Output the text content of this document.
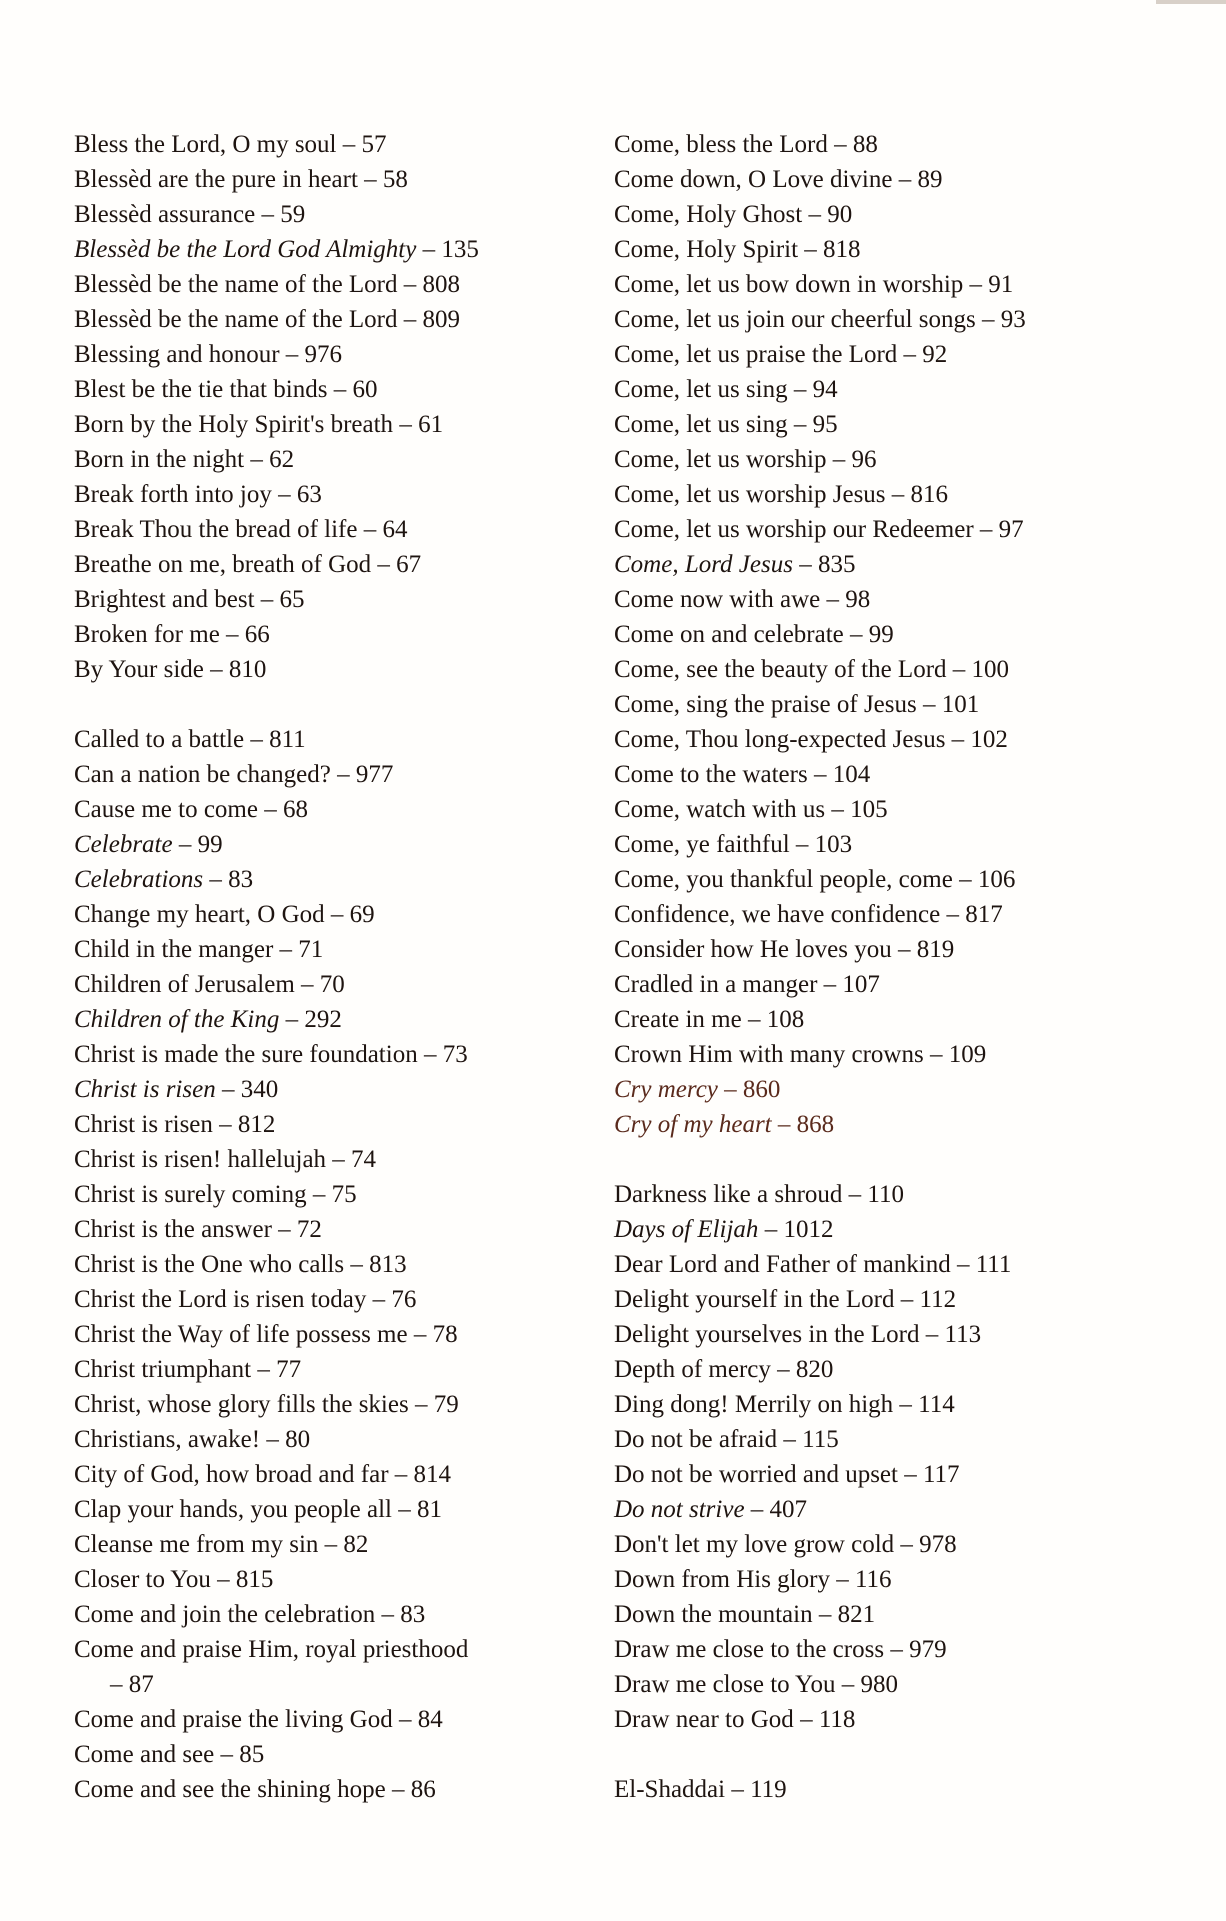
Bless the Lord, O my soul – 57
Blessèd are the pure in heart – 58
Blessèd assurance – 59
Blessèd be the Lord God Almighty – 135
Blessèd be the name of the Lord – 808
Blessèd be the name of the Lord – 809
Blessing and honour – 976
Blest be the tie that binds – 60
Born by the Holy Spirit's breath – 61
Born in the night – 62
Break forth into joy – 63
Break Thou the bread of life – 64
Breathe on me, breath of God – 67
Brightest and best – 65
Broken for me – 66
By Your side – 810
Called to a battle – 811
Can a nation be changed? – 977
Cause me to come – 68
Celebrate – 99
Celebrations – 83
Change my heart, O God – 69
Child in the manger – 71
Children of Jerusalem – 70
Children of the King – 292
Christ is made the sure foundation – 73
Christ is risen – 340
Christ is risen – 812
Christ is risen! hallelujah – 74
Christ is surely coming – 75
Christ is the answer – 72
Christ is the One who calls – 813
Christ the Lord is risen today – 76
Christ the Way of life possess me – 78
Christ triumphant – 77
Christ, whose glory fills the skies – 79
Christians, awake! – 80
City of God, how broad and far – 814
Clap your hands, you people all – 81
Cleanse me from my sin – 82
Closer to You – 815
Come and join the celebration – 83
Come and praise Him, royal priesthood
– 87
Come and praise the living God – 84
Come and see – 85
Come and see the shining hope – 86
Come, bless the Lord – 88
Come down, O Love divine – 89
Come, Holy Ghost – 90
Come, Holy Spirit – 818
Come, let us bow down in worship – 91
Come, let us join our cheerful songs – 93
Come, let us praise the Lord – 92
Come, let us sing – 94
Come, let us sing – 95
Come, let us worship – 96
Come, let us worship Jesus – 816
Come, let us worship our Redeemer – 97
Come, Lord Jesus – 835
Come now with awe – 98
Come on and celebrate – 99
Come, see the beauty of the Lord – 100
Come, sing the praise of Jesus – 101
Come, Thou long-expected Jesus – 102
Come to the waters – 104
Come, watch with us – 105
Come, ye faithful – 103
Come, you thankful people, come – 106
Confidence, we have confidence – 817
Consider how He loves you – 819
Cradled in a manger – 107
Create in me – 108
Crown Him with many crowns – 109
Cry mercy – 860
Cry of my heart – 868
Darkness like a shroud – 110
Days of Elijah – 1012
Dear Lord and Father of mankind – 111
Delight yourself in the Lord – 112
Delight yourselves in the Lord – 113
Depth of mercy – 820
Ding dong! Merrily on high – 114
Do not be afraid – 115
Do not be worried and upset – 117
Do not strive – 407
Don't let my love grow cold – 978
Down from His glory – 116
Down the mountain – 821
Draw me close to the cross – 979
Draw me close to You – 980
Draw near to God – 118
El-Shaddai – 119
